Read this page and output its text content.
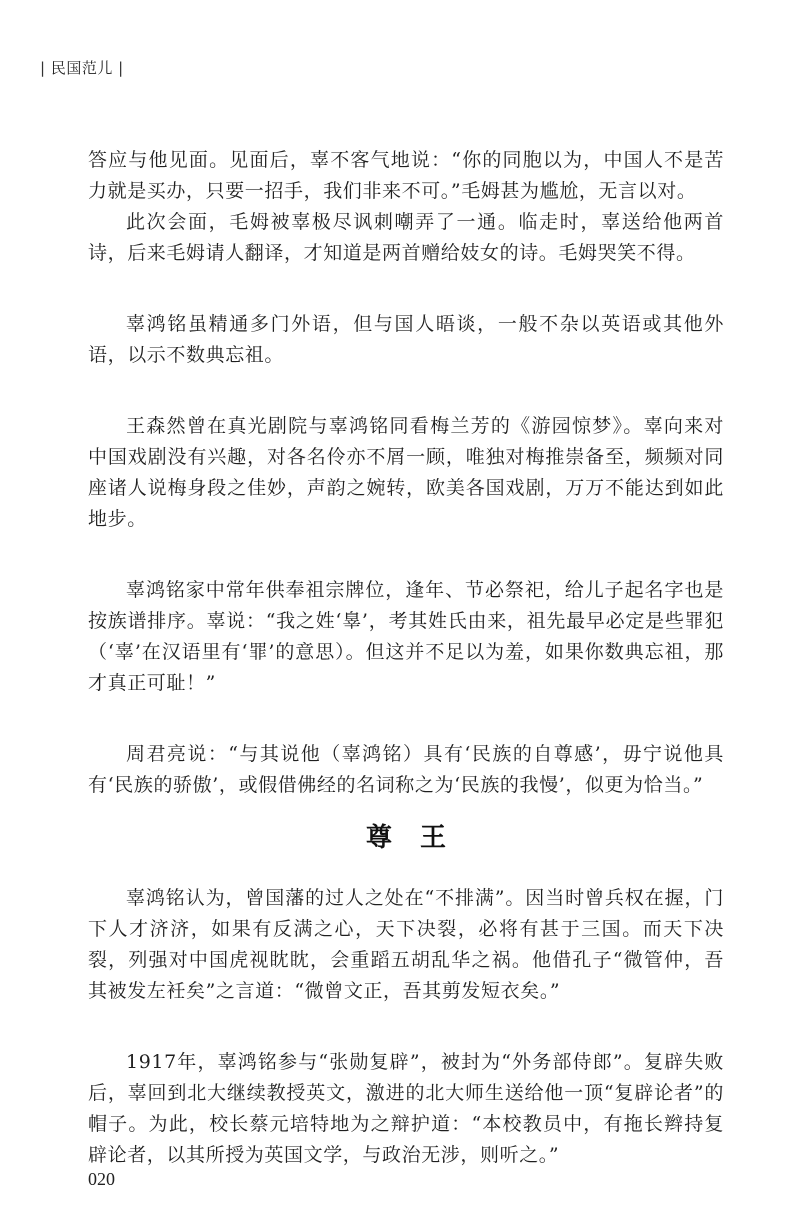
| 民国范儿 |

答应与他见面。见面后，辜不客气地说：“你的同胞以为，中国人不是苦力就是买办，只要一招手，我们非来不可。”毛姆甚为尴尬，无言以对。

此次会面，毛姆被辜极尽讽刺嘲弄了一通。临走时，辜送给他两首诗，后来毛姆请人翻译，才知道是两首赠给妓女的诗。毛姆哭笑不得。

辜鸿铭虽精通多门外语，但与国人晤谈，一般不杂以英语或其他外语，以示不数典忘祖。

王森然曾在真光剧院与辜鸿铭同看梅兰芳的《游园惊梦》。辜向来对中国戏剧没有兴趣，对各名伶亦不屑一顾，唯独对梅推崇备至，频频对同座诸人说梅身段之佳妙，声韵之婉转，欧美各国戏剧，万万不能达到如此地步。

辜鸿铭家中常年供奉祖宗牌位，逢年、节必祭祀，给儿子起名字也是按族谱排序。辜说：“我之姓‘辠’，考其姓氏由来，祖先最早必定是些罪犯（‘辜’在汉语里有‘罪’的意思）。但这并不足以为羞，如果你数典忘祖，那才真正可耻！”

周君亮说：“与其说他（辜鸿铭）具有‘民族的自尊感’，毋宁说他具有‘民族的骄傲’，或假借佛经的名词称之为‘民族的我慢’，似更为恰当。”

尊王

辜鸿铭认为，曾国藩的过人之处在“不排满”。因当时曾兵权在握，门下人才济济，如果有反满之心，天下决裂，必将有甚于三国。而天下决裂，列强对中国虎视眈眈，会重蹈五胡乱华之祸。他借孔子“微管仲，吾其被发左衽矣”之言道：“微曾文正，吾其剪发短衣矣。”

1917年，辜鸿铭参与“张勋复辟”，被封为“外务部侍郎”。复辟失败后，辜回到北大继续教授英文，激进的北大师生送给他一顶“复辟论者”的帽子。为此，校长蔡元培特地为之辩护道：“本校教员中，有拖长辫持复辟论者，以其所授为英国文学，与政治无涉，则听之。”

020
